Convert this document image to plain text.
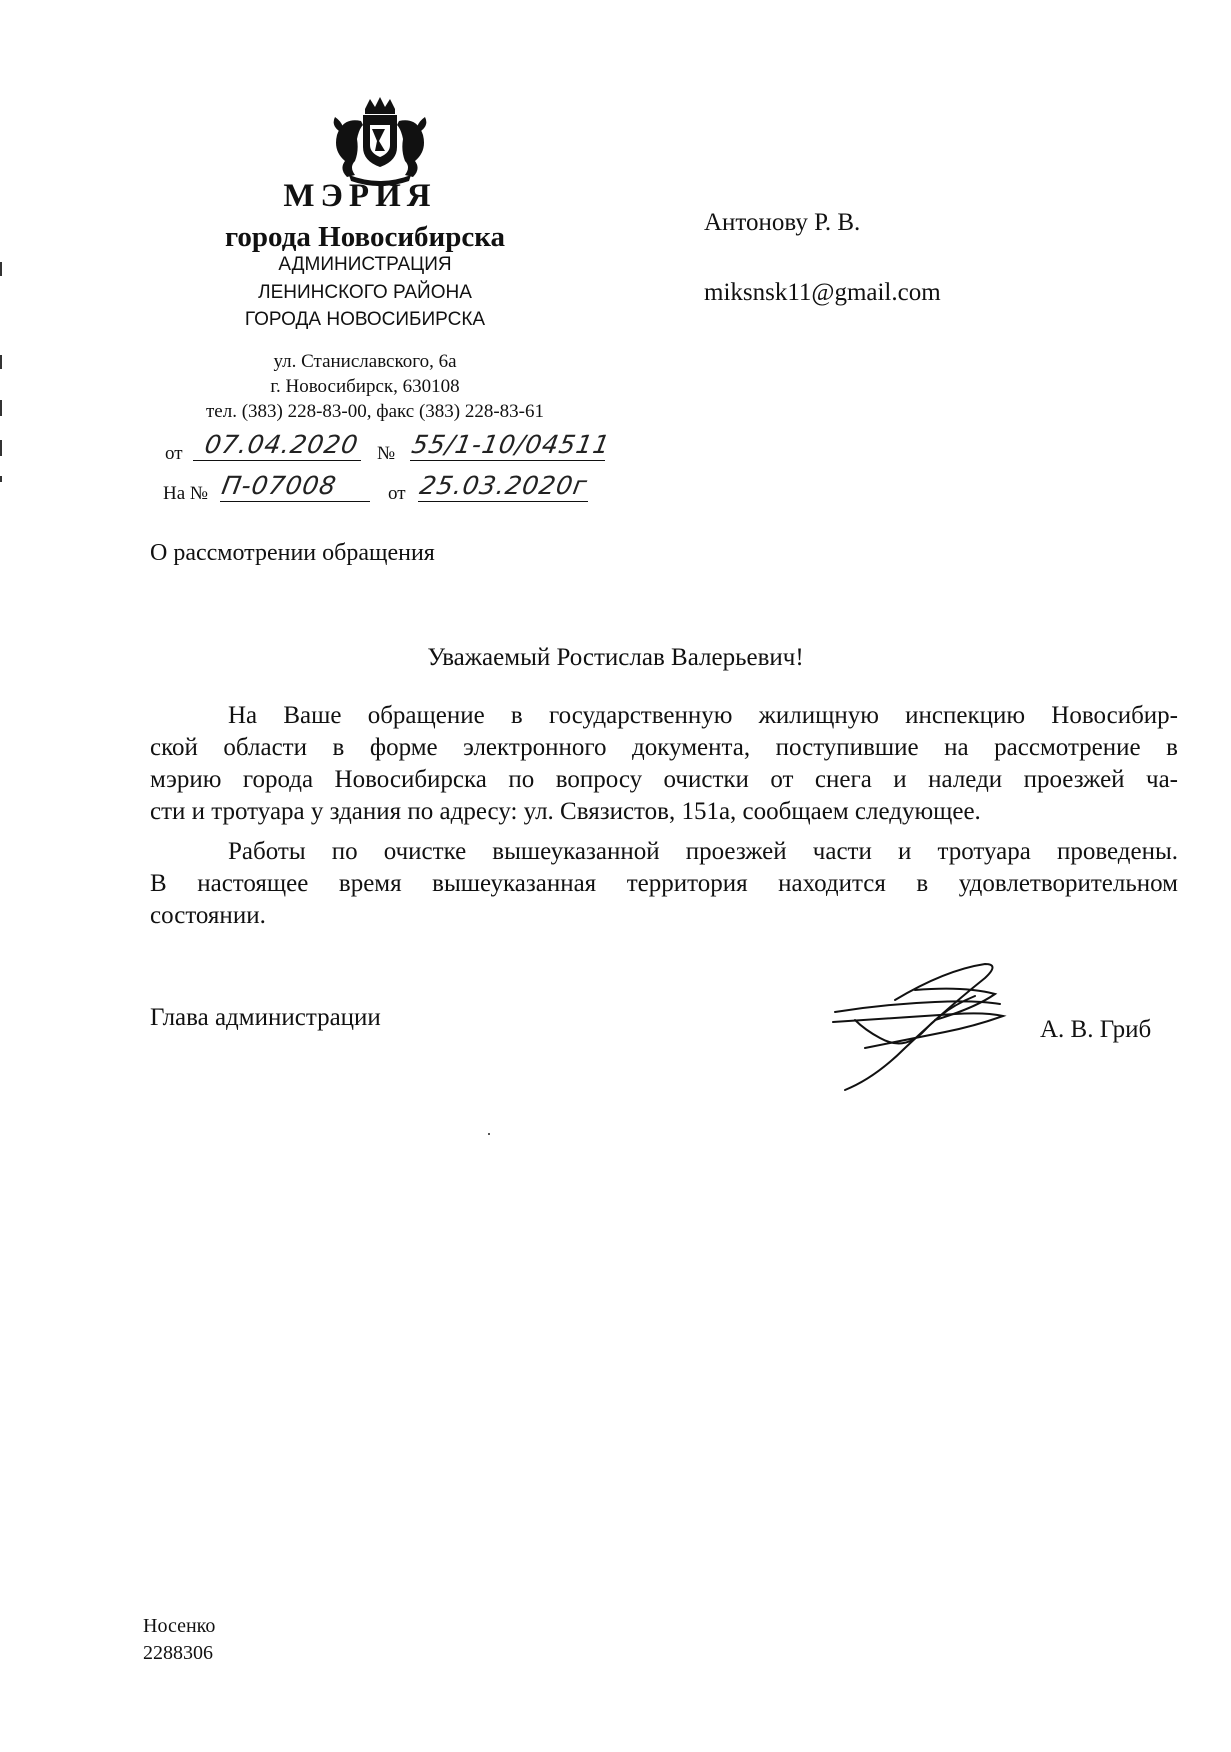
МЭРИЯ
города Новосибирска
АДМИНИСТРАЦИЯ
ЛЕНИНСКОГО РАЙОНА
ГОРОДА НОВОСИБИРСКА
ул. Станиславского, 6а
г. Новосибирск, 630108
тел. (383) 228-83-00, факс (383) 228-83-61
от 07.04.2020 № 55/1-10/04511
На № П-07008	от 25.03.2020г
Антонову Р. В.
miksnsk11@gmail.com
О рассмотрении обращения
Уважаемый Ростислав Валерьевич!
На Ваше обращение в государственную жилищную инспекцию Новосибир-
ской области в форме электронного документа, поступившие на рассмотрение в
мэрию города Новосибирска по вопросу очистки от снега и наледи проезжей ча-
сти и тротуара у здания по адресу: ул. Связистов, 151а, сообщаем следующее.
Работы по очистке вышеуказанной проезжей части и тротуара проведены.
В настоящее время вышеуказанная территория находится в удовлетворительном
состоянии.
Глава администрации	А. В. Гриб
Носенко
2288306
